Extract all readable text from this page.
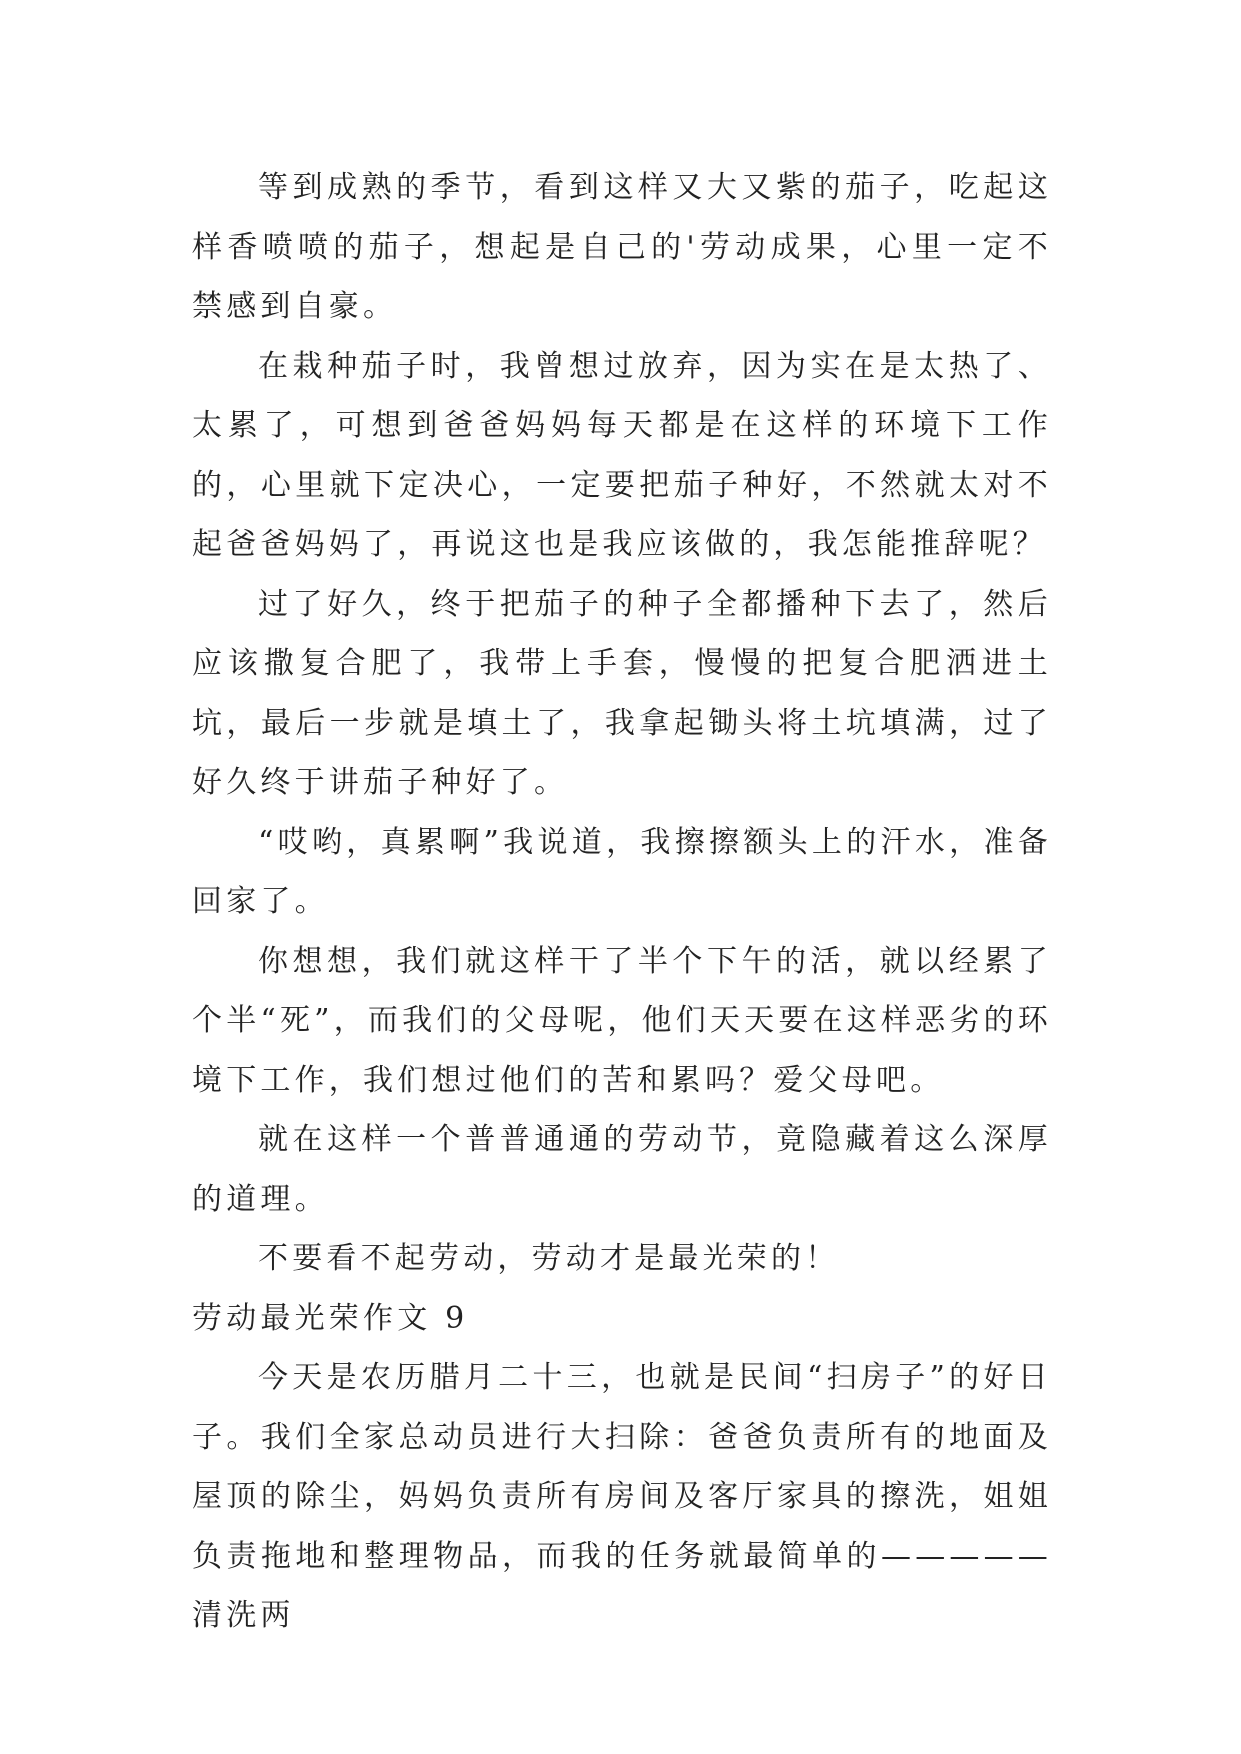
等到成熟的季节，看到这样又大又紫的茄子，吃起这样香喷喷的茄子，想起是自己的'劳动成果，心里一定不禁感到自豪。

在栽种茄子时，我曾想过放弃，因为实在是太热了、太累了，可想到爸爸妈妈每天都是在这样的环境下工作的，心里就下定决心，一定要把茄子种好，不然就太对不起爸爸妈妈了，再说这也是我应该做的，我怎能推辞呢？

过了好久，终于把茄子的种子全都播种下去了，然后应该撒复合肥了，我带上手套，慢慢的把复合肥洒进土坑，最后一步就是填土了，我拿起锄头将土坑填满，过了好久终于讲茄子种好了。

“哎哟，真累啊”我说道，我擦擦额头上的汗水，准备回家了。

你想想，我们就这样干了半个下午的活，就以经累了个半“死”，而我们的父母呢，他们天天要在这样恶劣的环境下工作，我们想过他们的苦和累吗？爱父母吧。

就在这样一个普普通通的劳动节，竟隐藏着这么深厚的道理。

不要看不起劳动，劳动才是最光荣的！

劳动最光荣作文 9

今天是农历腊月二十三，也就是民间“扫房子”的好日子。我们全家总动员进行大扫除：爸爸负责所有的地面及屋顶的除尘，妈妈负责所有房间及客厅家具的擦洗，姐姐负责拖地和整理物品，而我的任务就最简单的—————清洗两
